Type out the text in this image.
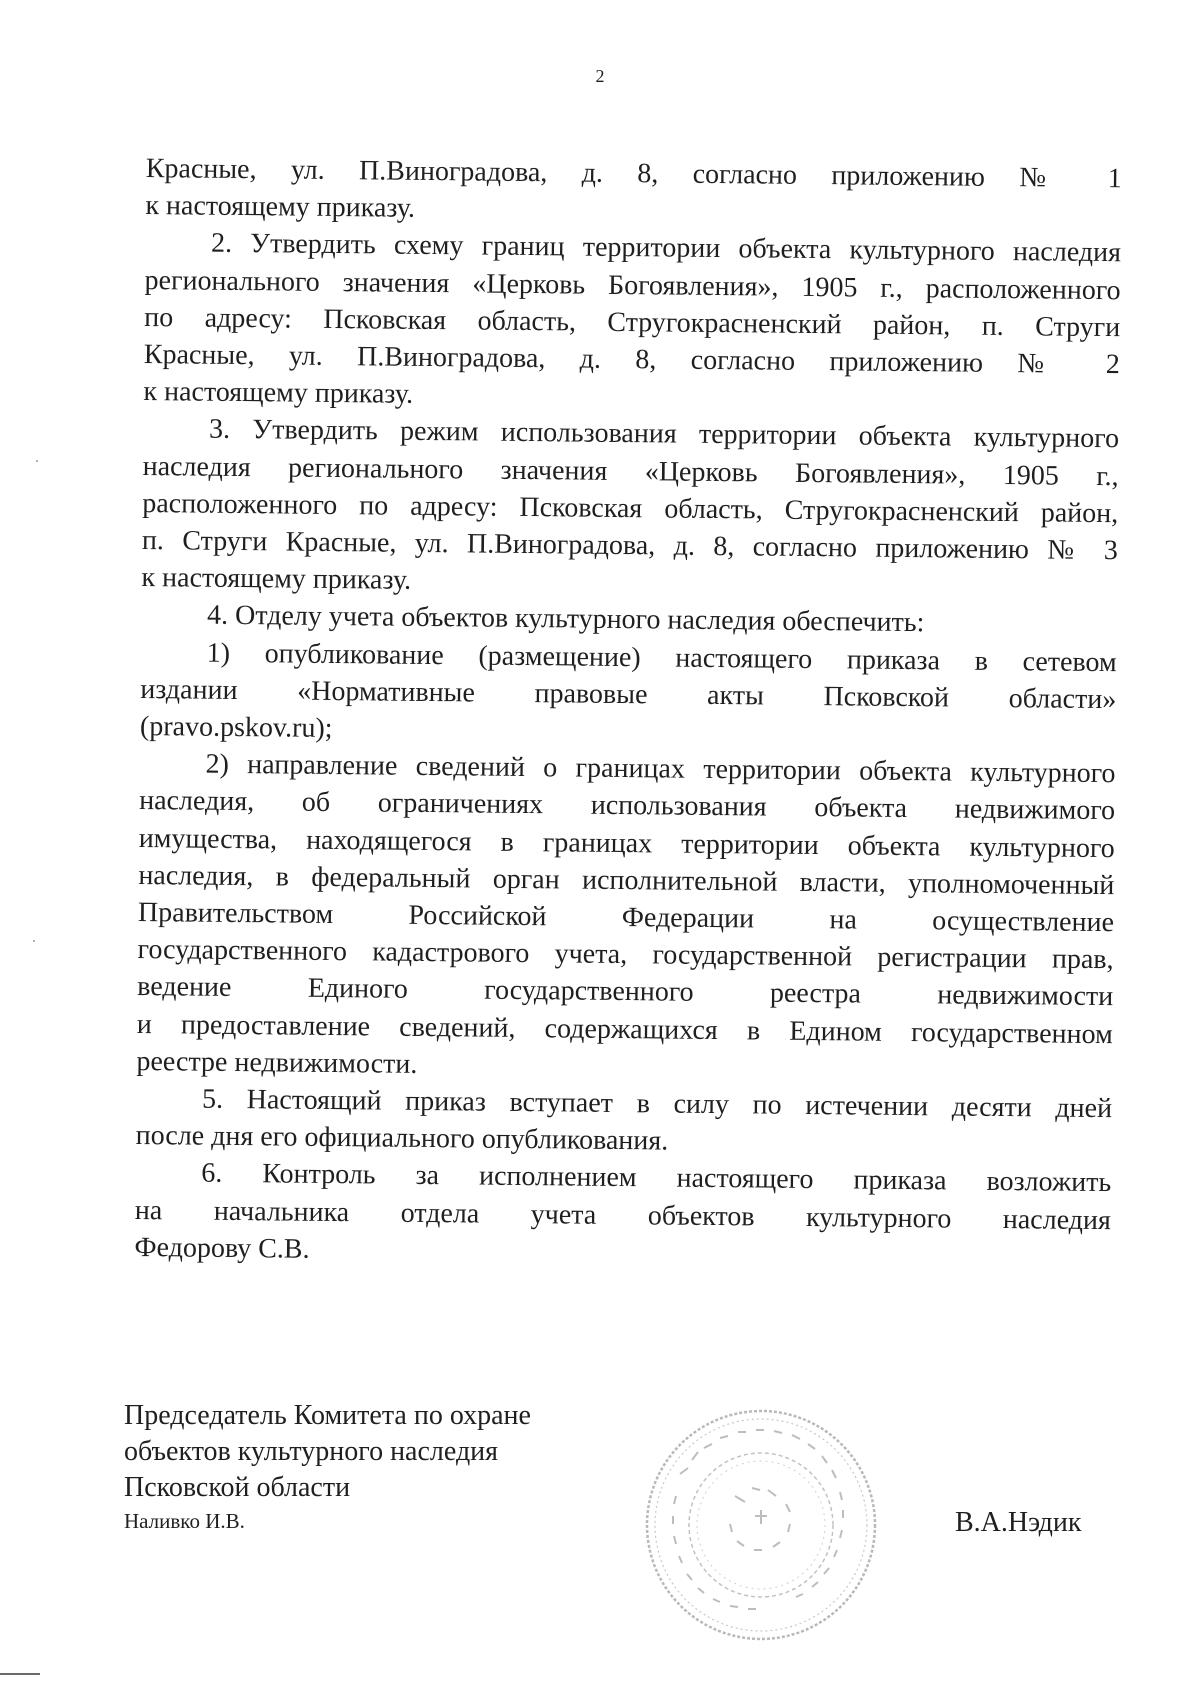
2
Красные, ул. П.Виноградова, д. 8, согласно приложению № 1
к настоящему приказу.
2. Утвердить схему границ территории объекта культурного наследия
регионального значения «Церковь Богоявления», 1905 г., расположенного
по адресу: Псковская область, Стругокрасненский район, п. Струги
Красные, ул. П.Виноградова, д. 8, согласно приложению № 2
к настоящему приказу.
3. Утвердить режим использования территории объекта культурного
наследия регионального значения «Церковь Богоявления», 1905 г.,
расположенного по адресу: Псковская область, Стругокрасненский район,
п. Струги Красные, ул. П.Виноградова, д. 8, согласно приложению № 3
к настоящему приказу.
4. Отделу учета объектов культурного наследия обеспечить:
1) опубликование (размещение) настоящего приказа в сетевом
издании «Нормативные правовые акты Псковской области»
(pravo.pskov.ru);
2) направление сведений о границах территории объекта культурного
наследия, об ограничениях использования объекта недвижимого
имущества, находящегося в границах территории объекта культурного
наследия, в федеральный орган исполнительной власти, уполномоченный
Правительством Российской Федерации на осуществление
государственного кадастрового учета, государственной регистрации прав,
ведение Единого государственного реестра недвижимости
и предоставление сведений, содержащихся в Едином государственном
реестре недвижимости.
5. Настоящий приказ вступает в силу по истечении десяти дней
после дня его официального опубликования.
6. Контроль за исполнением настоящего приказа возложить
на начальника отдела учета объектов культурного наследия
Федорову С.В.
Председатель Комитета по охране
объектов культурного наследия
Псковской области
Наливко И.В.	В.А.Нэдик
